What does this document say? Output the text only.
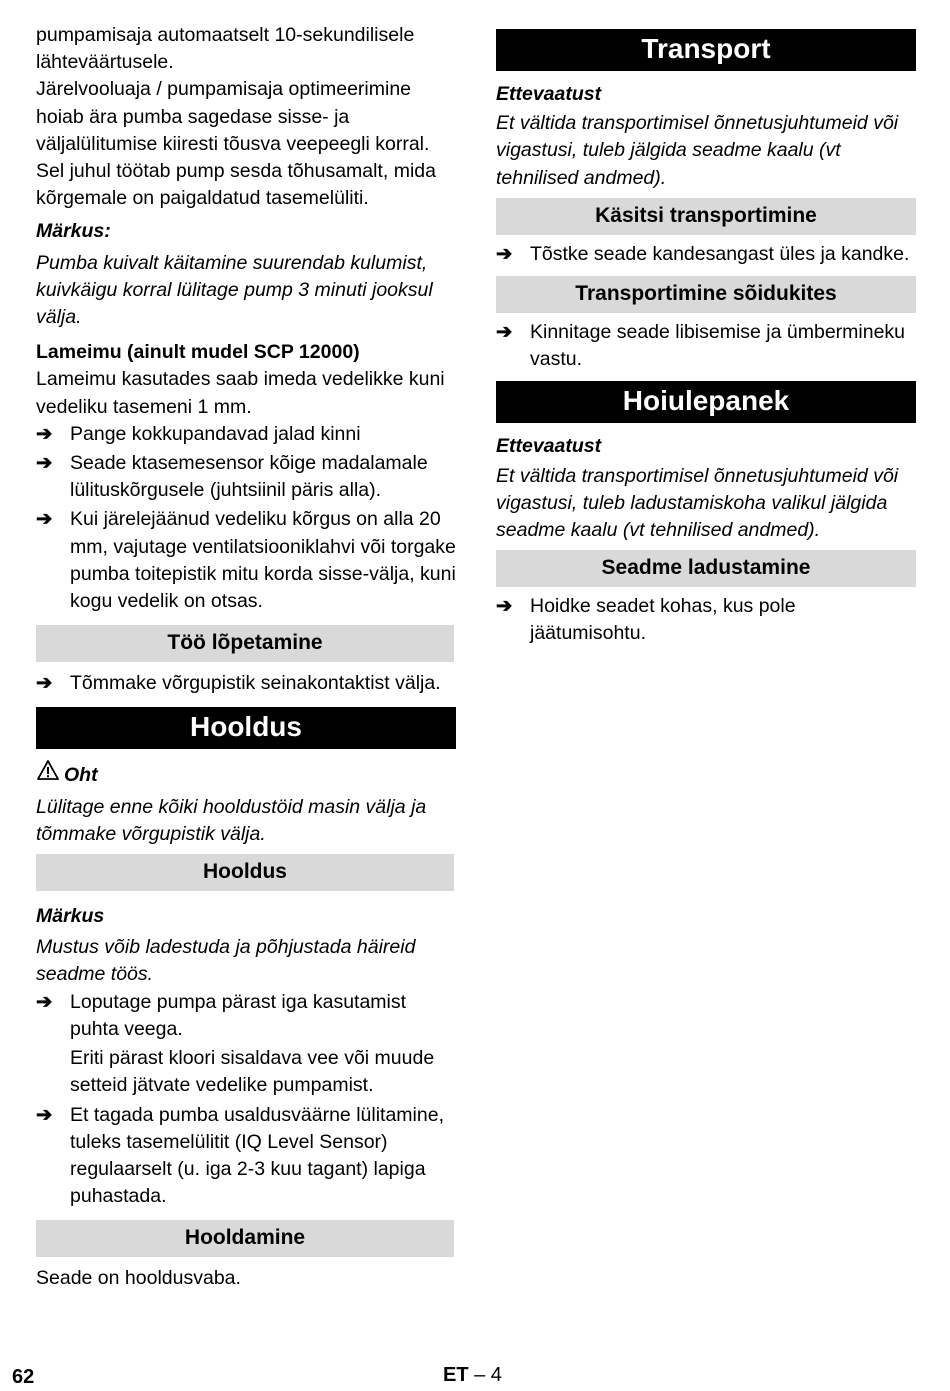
pumpamisaja automaatselt 10-sekundilisele lähteväärtusele.

Järelvooluaja / pumpamisaja optimeerimine hoiab ära pumba sagedase sisse- ja väljalülitumise kiiresti tõusva veepeegli korral. Sel juhul töötab pump sesda tõhusamalt, mida kõrgemale on paigaldatud tasemelüliti.

Märkus:

Pumba kuivalt käitamine suurendab kulumist, kuivkäigu korral lülitage pump 3 minuti jooksul välja.

Lameimu (ainult mudel SCP 12000)

Lameimu kasutades saab imeda vedelikke kuni vedeliku tasemeni 1 mm.

➔ Pange kokkupandavad jalad kinni
➔ Seade ktasemesensor kõige madalamale lülituskõrgusele (juhtsiinil päris alla).
➔ Kui järelejäänud vedeliku kõrgus on alla 20 mm, vajutage ventilatsiooniklahvi või torgake pumba toitepistik mitu korda sisse-välja, kuni kogu vedelik on otsas.
Töö lõpetamine
➔ Tõmmake võrgupistik seinakontaktist välja.
Hooldus

Oht

Lülitage enne kõiki hooldustöid masin välja ja tõmmake võrgupistik välja.

Hooldus

Märkus

Mustus võib ladestuda ja põhjustada häireid seadme töös.

➔ Loputage pumpa pärast iga kasutamist puhta veega.
Eriti pärast kloori sisaldava vee või muude setteid jätvate vedelike pumpamist.
➔ Et tagada pumba usaldusväärne lülitamine, tuleks tasemelülitit (IQ Level Sensor) regulaarselt (u. iga 2-3 kuu tagant) lapiga puhastada.
Hooldamine

Seade on hooldusvaba.

Transport

Ettevaatust

Et vältida transportimisel õnnetusjuhtumeid või vigastusi, tuleb jälgida seadme kaalu (vt tehnilised andmed).

Käsitsi transportimine
➔ Tõstke seade kandesangast üles ja kandke.
Transportimine sõidukites
➔ Kinnitage seade libisemise ja ümberminеku vastu.
Hoiulepanek

Ettevaatust

Et vältida transportimisel õnnetusjuhtumeid või vigastusi, tuleb ladustamiskoha valikul jälgida seadme kaalu (vt tehnilised andmed).

Seadme ladustamine
➔ Hoidke seadet kohas, kus pole jäätumisohtu.
62	ET – 4
